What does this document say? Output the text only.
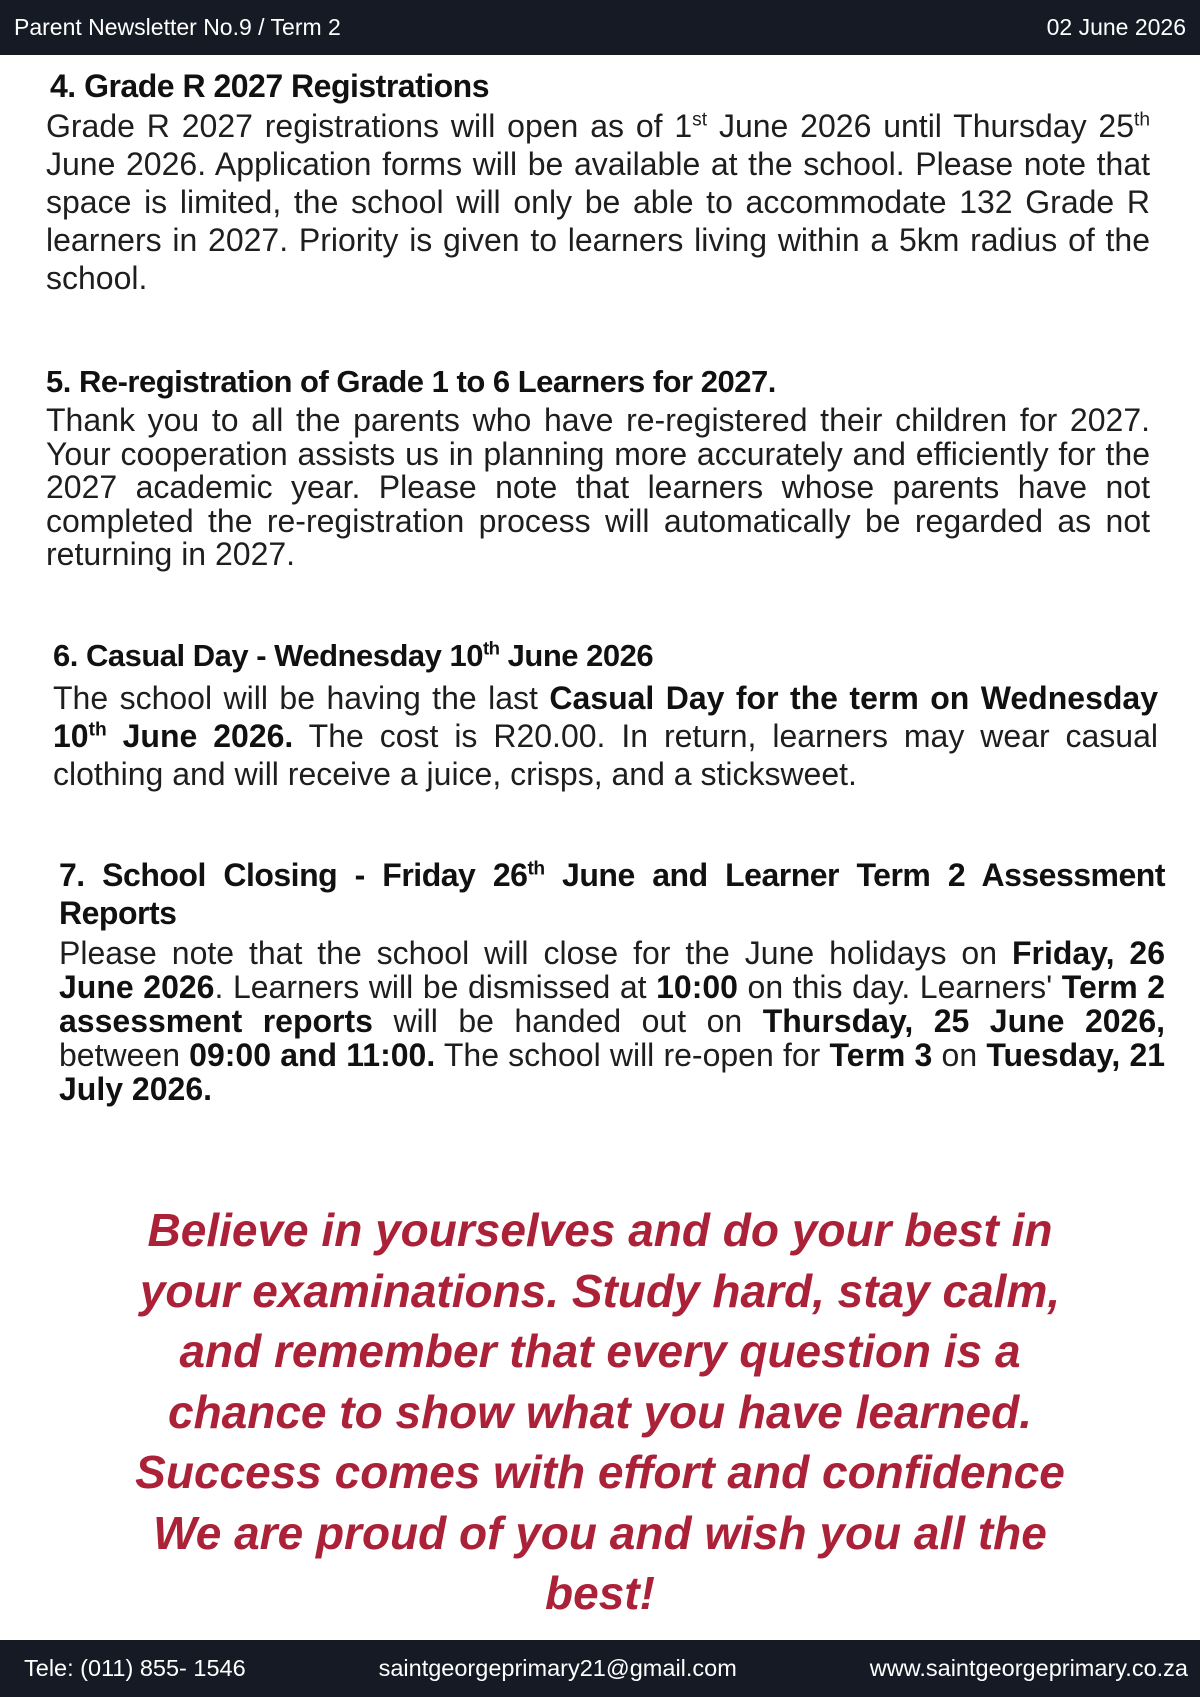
Parent Newsletter No.9 / Term 2	02 June 2026
4. Grade R 2027 Registrations

Grade R 2027 registrations will open as of 1st June 2026 until Thursday 25th June 2026. Application forms will be available at the school. Please note that space is limited, the school will only be able to accommodate 132 Grade R learners in 2027. Priority is given to learners living within a 5km radius of the school.

5. Re-registration of Grade 1 to 6 Learners for 2027.

Thank you to all the parents who have re-registered their children for 2027. Your cooperation assists us in planning more accurately and efficiently for the 2027 academic year. Please note that learners whose parents have not completed the re-registration process will automatically be regarded as not returning in 2027.

6. Casual Day - Wednesday 10th June 2026

The school will be having the last Casual Day for the term on Wednesday 10th June 2026. The cost is R20.00. In return, learners may wear casual clothing and will receive a juice, crisps, and a sticksweet.

7. School Closing - Friday 26th June and Learner Term 2 Assessment Reports

Please note that the school will close for the June holidays on Friday, 26 June 2026. Learners will be dismissed at 10:00 on this day. Learners' Term 2 assessment reports will be handed out on Thursday, 25 June 2026, between 09:00 and 11:00. The school will re-open for Term 3 on Tuesday, 21 July 2026.

Believe in yourselves and do your best in
your examinations. Study hard, stay calm,
and remember that every question is a
chance to show what you have learned.
Success comes with effort and confidence
We are proud of you and wish you all the
best!
Tele: (011) 855- 1546	saintgeorgeprimary21@gmail.com	www.saintgeorgeprimary.co.za
